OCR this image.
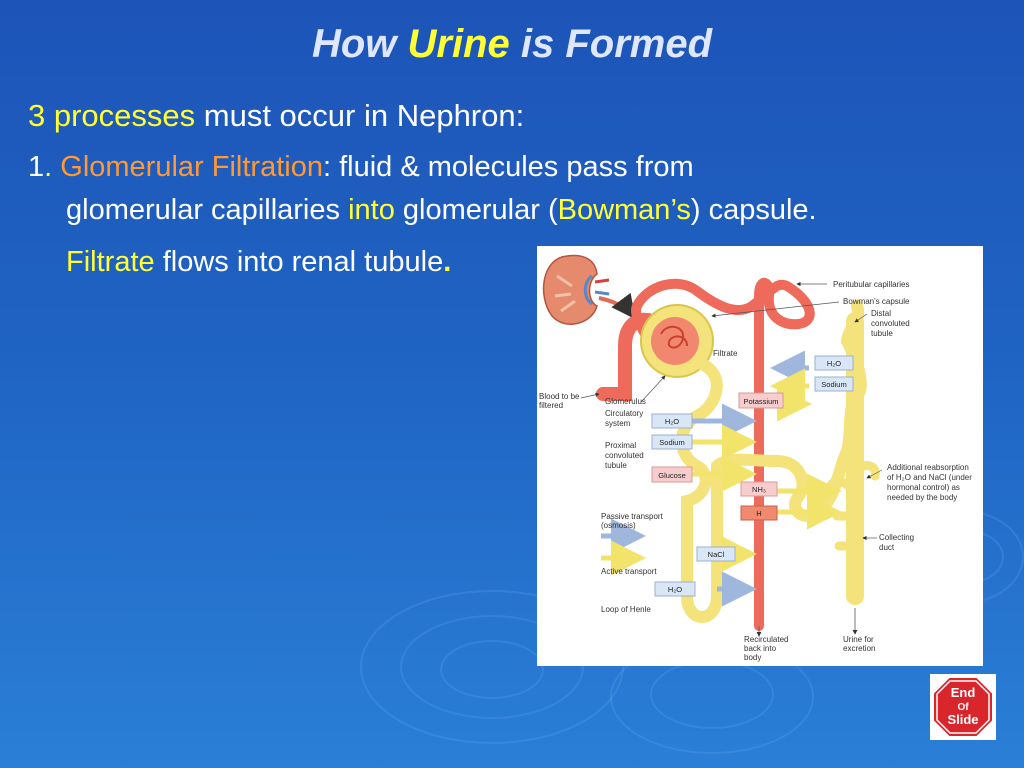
How Urine is Formed
3 processes must occur in Nephron:
1. Glomerular Filtration: fluid & molecules pass from
glomerular capillaries into glomerular (Bowman’s) capsule.
Filtrate flows into renal tubule.
H₂O
Sodium
Potassium
H₂O
Sodium
Glucose
NH₃
H
NaCl
H₂O
Peritubular capillaries
Bowman's capsule
Distal
convoluted
tubule
Filtrate
Blood to be
filtered	Glomerulus
Circulatory
system
Proximal
convoluted
tubule	Additional reabsorption
of H₂O and NaCl (under
hormonal control) as
needed by the body
Passive transport
(osmosis)
Active transport
Collecting
duct
Loop of Henle
Recirculated
back into
body
Urine for
excretion
End
Of
Slide
